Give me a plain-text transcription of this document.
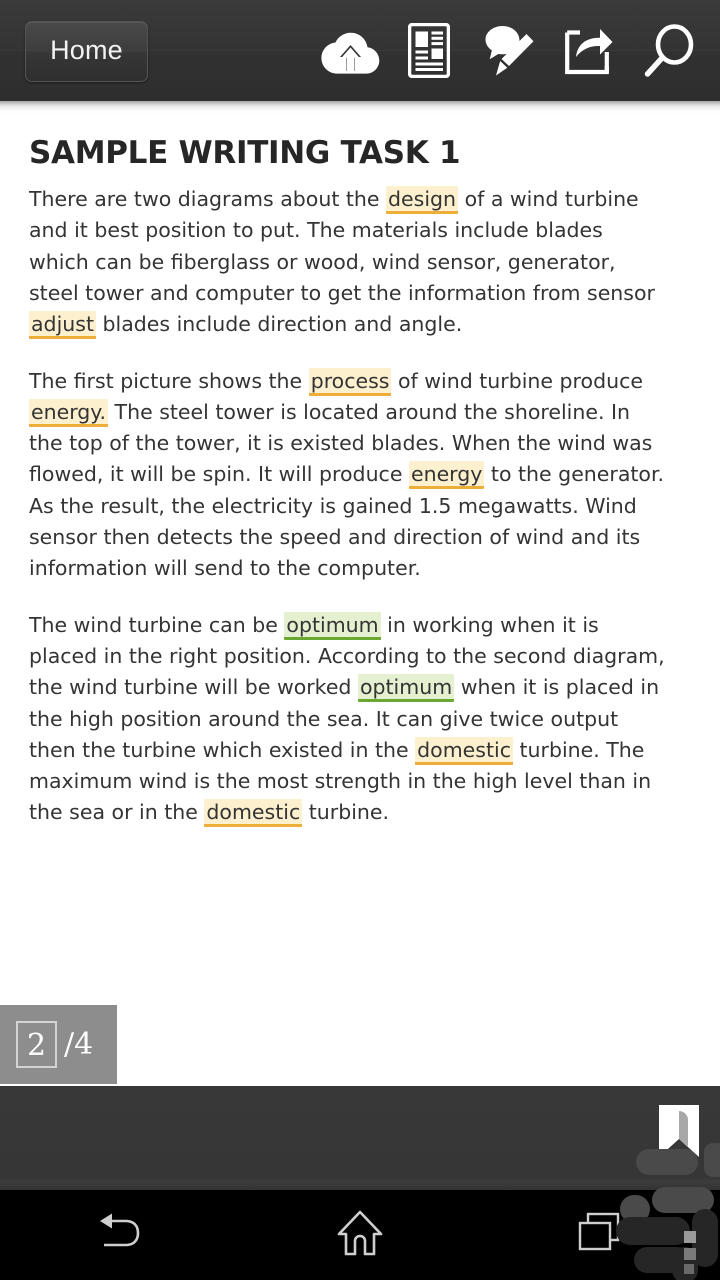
Home
SAMPLE WRITING TASK 1

There are two diagrams about the design of a wind turbine and it best position to put. The materials include blades which can be fiberglass or wood, wind sensor, generator, steel tower and computer to get the information from sensor adjust blades include direction and angle.

The first picture shows the process of wind turbine produce energy. The steel tower is located around the shoreline. In the top of the tower, it is existed blades. When the wind was flowed, it will be spin. It will produce energy to the generator. As the result, the electricity is gained 1.5 megawatts. Wind sensor then detects the speed and direction of wind and its information will send to the computer.

The wind turbine can be optimum in working when it is placed in the right position. According to the second diagram, the wind turbine will be worked optimum when it is placed in the high position around the sea. It can give twice output then the turbine which existed in the domestic turbine. The maximum wind is the most strength in the high level than in the sea or in the domestic turbine.

2 /4
